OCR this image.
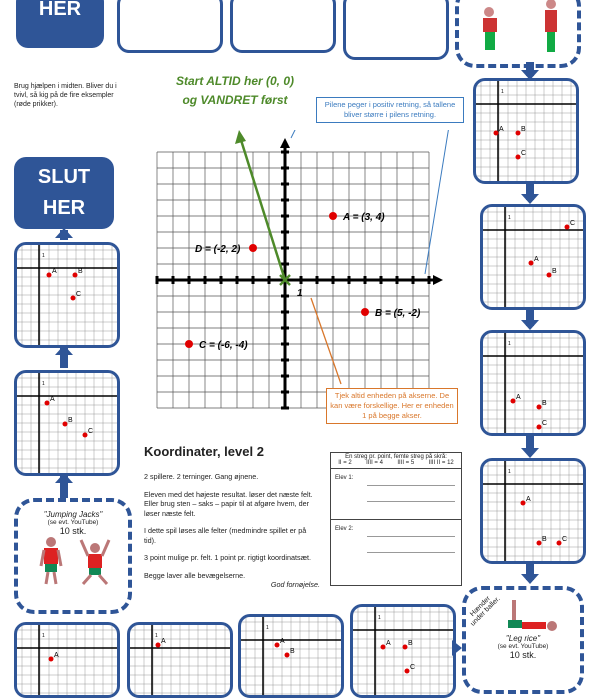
HER
Brug hjælpen i midten. Bliver du i tvivl, så kig på de fire eksempler (røde prikker).
Start ALTID her (0, 0)
og VANDRET først	Pilene peger i positiv retning, så tallene bliver større i pilens retning.
SLUT
HER
1
A = (3, 4)
D = (-2, 2)
B = (5, -2)
C = (-6, -4)
Tjek altid enheden på akserne. De kan være forskellige. Her er enheden 1 på begge akser.
1
A	B
C
1
A
B
C
"Jumping Jacks"
(se evt. YouTube)
10 stk.
1
A B
C
1
C
A
B
1
A
B
C
1
A
B C
Hænder under baller.
"Leg rice"
(se evt. YouTube)
10 stk.
1
A
1
A
1
A
B
1
A B
C
Koordinater, level 2
2 spillere. 2 terninger. Gang øjnene.
Eleven med det højeste resultat. løser det næste felt. Eller brug sten – saks – papir til at afgøre hvem, der løser næste felt.
I dette spil løses alle felter (medmindre spillet er på tid).
3 point mulige pr. felt. 1 point pr. rigtigt koordinatsæt.
Begge laver alle bevægelserne.
God fornøjelse.
En streg pr. point, femte streg på skrå:
II = 2 IIII = 4 IIII = 5 IIII II = 12
Elev 1:
Elev 2:
